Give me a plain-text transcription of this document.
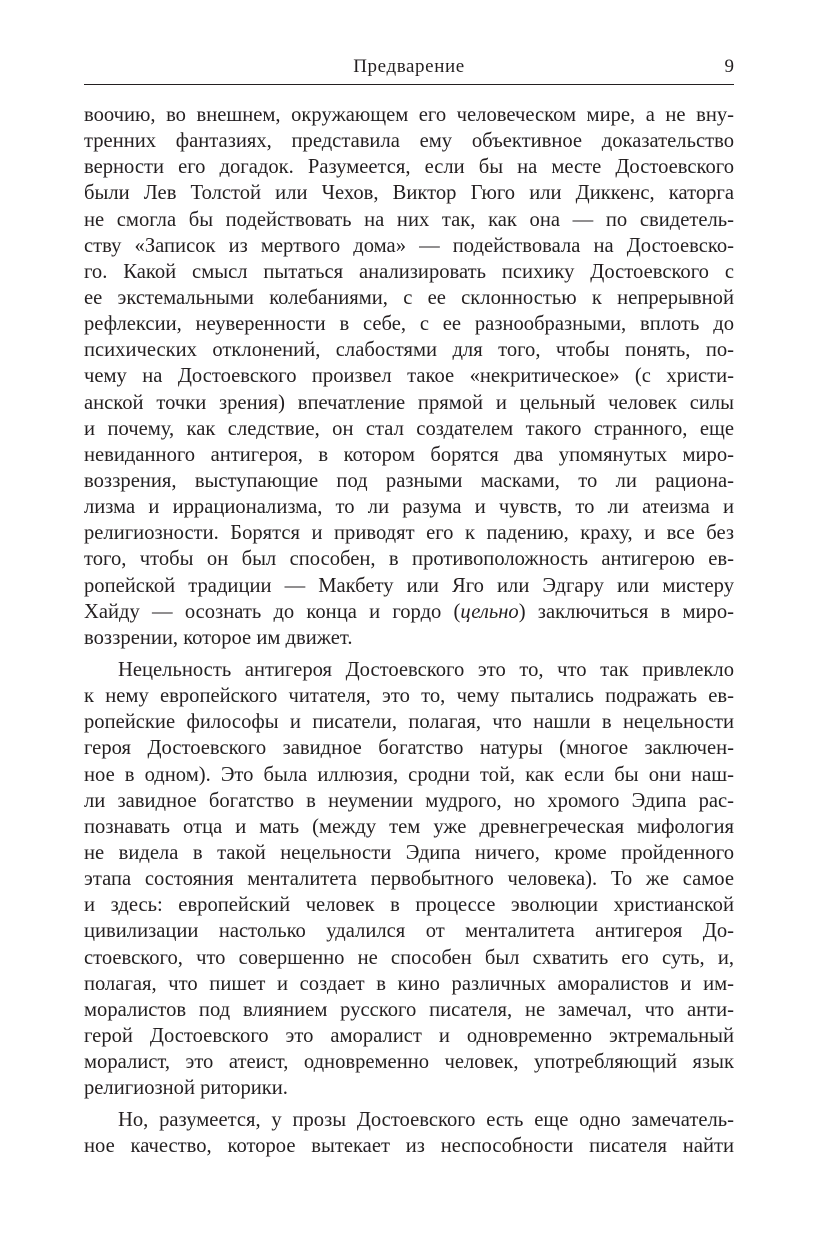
Предварение	9
воочию, во внешнем, окружающем его человеческом мире, а не вну-
тренних фантазиях, представила ему объективное доказательство
верности его догадок. Разумеется, если бы на месте Достоевского
были Лев Толстой или Чехов, Виктор Гюго или Диккенс, каторга
не смогла бы подействовать на них так, как она — по свидетель-
ству «Записок из мертвого дома» — подействовала на Достоевско-
го. Какой смысл пытаться анализировать психику Достоевского с
ее экстемальными колебаниями, с ее склонностью к непрерывной
рефлексии, неуверенности в себе, с ее разнообразными, вплоть до
психических отклонений, слабостями для того, чтобы понять, по-
чему на Достоевского произвел такое «некритическое» (с христи-
анской точки зрения) впечатление прямой и цельный человек силы
и почему, как следствие, он стал создателем такого странного, еще
невиданного антигероя, в котором борятся два упомянутых миро-
воззрения, выступающие под разными масками, то ли рациона-
лизма и иррационализма, то ли разума и чувств, то ли атеизма и
религиозности. Борятся и приводят его к падению, краху, и все без
того, чтобы он был способен, в противоположность антигерою ев-
ропейской традиции — Макбету или Яго или Эдгару или мистеру
Хайду — осознать до конца и гордо (цельно) заключиться в миро-
воззрении, которое им движет.
Нецельность антигероя Достоевского это то, что так привлекло
к нему европейского читателя, это то, чему пытались подражать ев-
ропейские философы и писатели, полагая, что нашли в нецельности
героя Достоевского завидное богатство натуры (многое заключен-
ное в одном). Это была иллюзия, сродни той, как если бы они наш-
ли завидное богатство в неумении мудрого, но хромого Эдипа рас-
познавать отца и мать (между тем уже древнегреческая мифология
не видела в такой нецельности Эдипа ничего, кроме пройденного
этапа состояния менталитета первобытного человека). То же самое
и здесь: европейский человек в процессе эволюции христианской
цивилизации настолько удалился от менталитета антигероя До-
стоевского, что совершенно не способен был схватить его суть, и,
полагая, что пишет и создает в кино различных аморалистов и им-
моралистов под влиянием русского писателя, не замечал, что анти-
герой Достоевского это аморалист и одновременно эктремальный
моралист, это атеист, одновременно человек, употребляющий язык
религиозной риторики.
Но, разумеется, у прозы Достоевского есть еще одно замечатель-
ное качество, которое вытекает из неспособности писателя найти
